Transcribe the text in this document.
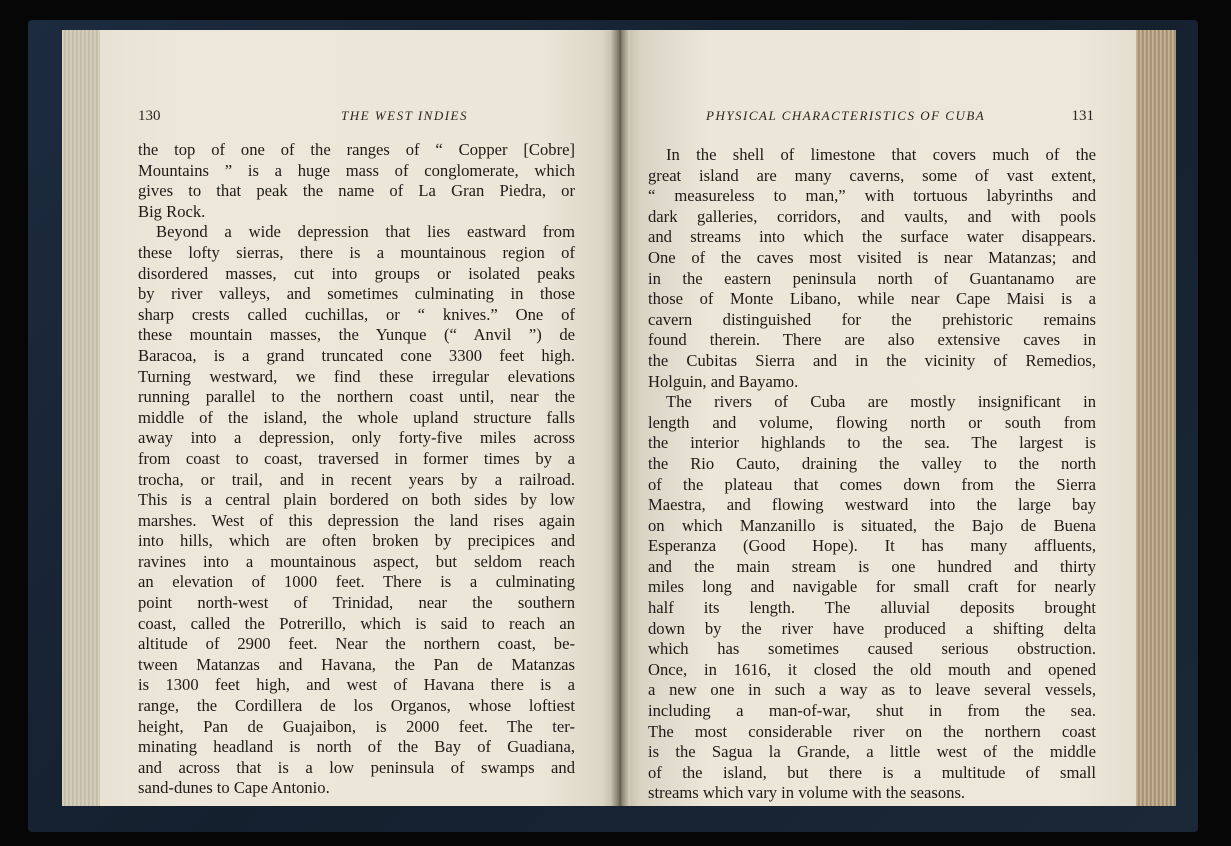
130	THE WEST INDIES	PHYSICAL CHARACTERISTICS OF CUBA	131
the top of one of the ranges of “ Copper [Cobre]
Mountains ” is a huge mass of conglomerate, which
gives to that peak the name of La Gran Piedra, or
Big Rock.
Beyond a wide depression that lies eastward from
these lofty sierras, there is a mountainous region of
disordered masses, cut into groups or isolated peaks
by river valleys, and sometimes culminating in those
sharp crests called cuchillas, or “ knives.” One of
these mountain masses, the Yunque (“ Anvil ”) de
Baracoa, is a grand truncated cone 3300 feet high.
Turning westward, we find these irregular elevations
running parallel to the northern coast until, near the
middle of the island, the whole upland structure falls
away into a depression, only forty-five miles across
from coast to coast, traversed in former times by a
trocha, or trail, and in recent years by a railroad.
This is a central plain bordered on both sides by low
marshes. West of this depression the land rises again
into hills, which are often broken by precipices and
ravines into a mountainous aspect, but seldom reach
an elevation of 1000 feet. There is a culminating
point north-west of Trinidad, near the southern
coast, called the Potrerillo, which is said to reach an
altitude of 2900 feet. Near the northern coast, be-
tween Matanzas and Havana, the Pan de Matanzas
is 1300 feet high, and west of Havana there is a
range, the Cordillera de los Organos, whose loftiest
height, Pan de Guajaibon, is 2000 feet. The ter-
minating headland is north of the Bay of Guadiana,
and across that is a low peninsula of swamps and
sand-dunes to Cape Antonio.
In the shell of limestone that covers much of the
great island are many caverns, some of vast extent,
“ measureless to man,” with tortuous labyrinths and
dark galleries, corridors, and vaults, and with pools
and streams into which the surface water disappears.
One of the caves most visited is near Matanzas; and
in the eastern peninsula north of Guantanamo are
those of Monte Libano, while near Cape Maisi is a
cavern distinguished for the prehistoric remains
found therein. There are also extensive caves in
the Cubitas Sierra and in the vicinity of Remedios,
Holguin, and Bayamo.
The rivers of Cuba are mostly insignificant in
length and volume, flowing north or south from
the interior highlands to the sea. The largest is
the Rio Cauto, draining the valley to the north
of the plateau that comes down from the Sierra
Maestra, and flowing westward into the large bay
on which Manzanillo is situated, the Bajo de Buena
Esperanza (Good Hope). It has many affluents,
and the main stream is one hundred and thirty
miles long and navigable for small craft for nearly
half its length. The alluvial deposits brought
down by the river have produced a shifting delta
which has sometimes caused serious obstruction.
Once, in 1616, it closed the old mouth and opened
a new one in such a way as to leave several vessels,
including a man-of-war, shut in from the sea.
The most considerable river on the northern coast
is the Sagua la Grande, a little west of the middle
of the island, but there is a multitude of small
streams which vary in volume with the seasons.
